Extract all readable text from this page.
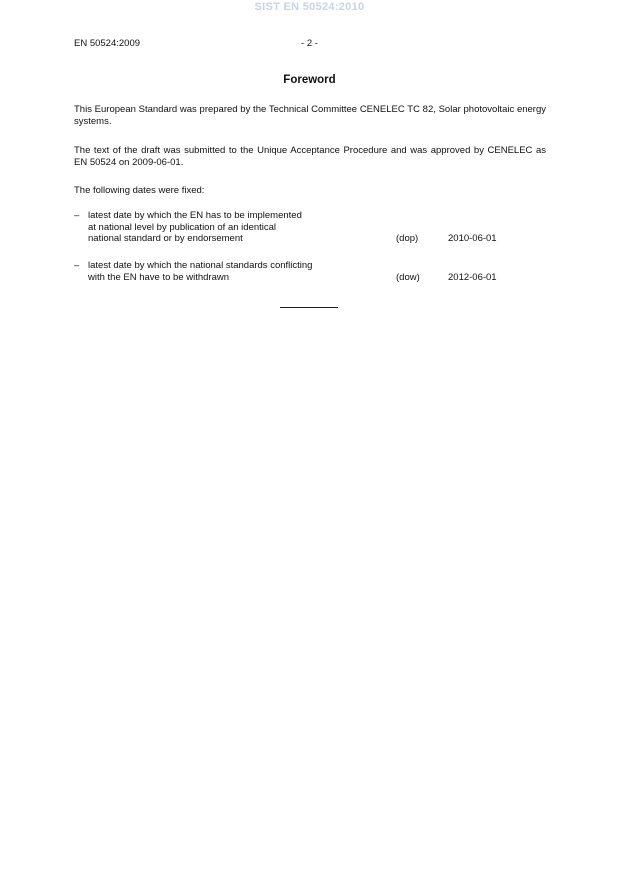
SIST EN 50524:2010
EN 50524:2009	- 2 -
Foreword
This European Standard was prepared by the Technical Committee CENELEC TC 82, Solar photovoltaic energy systems.
The text of the draft was submitted to the Unique Acceptance Procedure and was approved by CENELEC as EN 50524 on 2009-06-01.
The following dates were fixed:
– latest date by which the EN has to be implemented
at national level by publication of an identical
national standard or by endorsement	(dop)	2010-06-01
– latest date by which the national standards conflicting
with the EN have to be withdrawn	(dow)	2012-06-01
